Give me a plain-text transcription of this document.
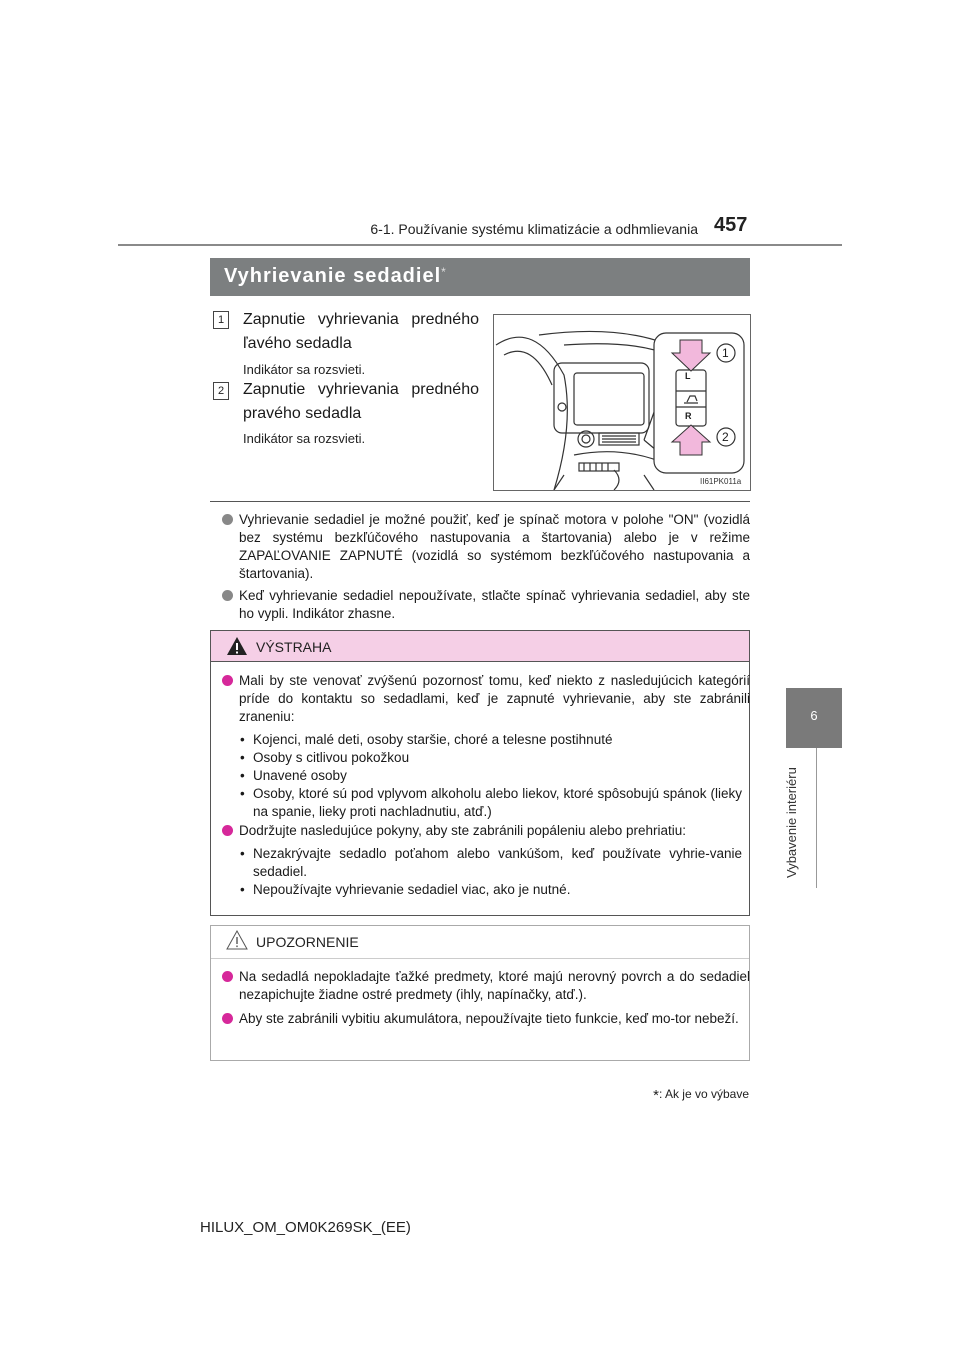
6-1. Používanie systému klimatizácie a odhmlievania 457
6
Vybavenie interiéru
Vyhrievanie sedadiel*
1	Zapnutie vyhrievania predného ľavého sedadla
Indikátor sa rozsvieti.
2	Zapnutie vyhrievania predného pravého sedadla
Indikátor sa rozsvieti.
L
R
1
2
II61PK011a
Vyhrievanie sedadiel je možné použiť, keď je spínač motora v polohe "ON" (vozidlá bez systému bezkľúčového nastupovania a štartovania) alebo je v režime ZAPAĽOVANIE ZAPNUTÉ (vozidlá so systémom bezkľúčového nastupovania a štartovania).
Keď vyhrievanie sedadiel nepoužívate, stlačte spínač vyhrievania sedadiel, aby ste ho vypli. Indikátor zhasne.
VÝSTRAHA
Mali by ste venovať zvýšenú pozornosť tomu, keď niekto z nasledujúcich kategórií príde do kontaktu so sedadlami, keď je zapnuté vyhrievanie, aby ste zabránili zraneniu:
• Kojenci, malé deti, osoby staršie, choré a telesne postihnuté
• Osoby s citlivou pokožkou
• Unavené osoby
• Osoby, ktoré sú pod vplyvom alkoholu alebo liekov, ktoré spôsobujú spánok (lieky na spanie, lieky proti nachladnutiu, atď.)
Dodržujte nasledujúce pokyny, aby ste zabránili popáleniu alebo prehriatiu:
• Nezakrývajte sedadlo poťahom alebo vankúšom, keď používate vyhrie-vanie sedadiel.
• Nepoužívajte vyhrievanie sedadiel viac, ako je nutné.
UPOZORNENIE
Na sedadlá nepokladajte ťažké predmety, ktoré majú nerovný povrch a do sedadiel nezapichujte žiadne ostré predmety (ihly, napínačky, atď.).
Aby ste zabránili vybitiu akumulátora, nepoužívajte tieto funkcie, keď mo-tor nebeží.
*: Ak je vo výbave
HILUX_OM_OM0K269SK_(EE)
